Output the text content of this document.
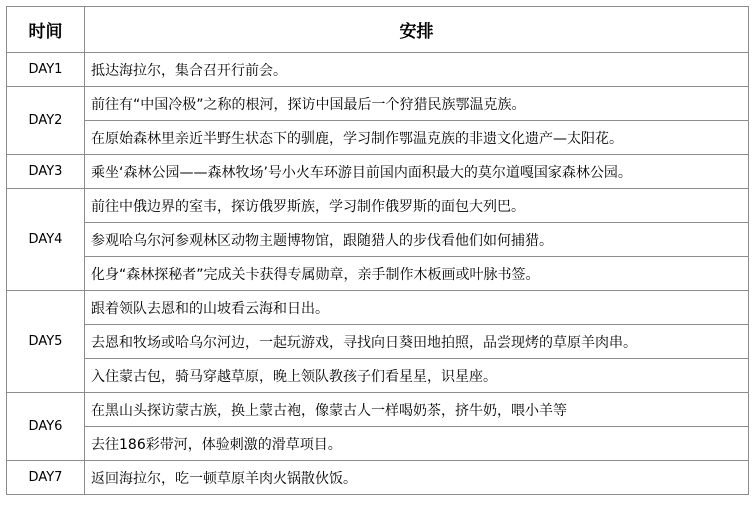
时间	安排
DAY1	抵达海拉尔，集合召开行前会。
DAY2	前往有“中国冷极”之称的根河，探访中国最后一个狩猎民族鄂温克族。
	在原始森林里亲近半野生状态下的驯鹿，学习制作鄂温克族的非遗文化遗产—太阳花。
DAY3	乘坐‘森林公园——森林牧场’号小火车环游目前国内面积最大的莫尔道嘎国家森林公园。
DAY4	前往中俄边界的室韦，探访俄罗斯族，学习制作俄罗斯的面包大列巴。
	参观哈乌尔河参观林区动物主题博物馆，跟随猎人的步伐看他们如何捕猎。
	化身“森林探秘者”完成关卡获得专属勋章，亲手制作木板画或叶脉书签。
DAY5	跟着领队去恩和的山坡看云海和日出。
	去恩和牧场或哈乌尔河边，一起玩游戏，寻找向日葵田地拍照，品尝现烤的草原羊肉串。
	入住蒙古包，骑马穿越草原，晚上领队教孩子们看星星，识星座。
DAY6	在黑山头探访蒙古族，换上蒙古袍，像蒙古人一样喝奶茶，挤牛奶，喂小羊等
	去往186彩带河，体验刺激的滑草项目。
DAY7	返回海拉尔，吃一顿草原羊肉火锅散伙饭。
